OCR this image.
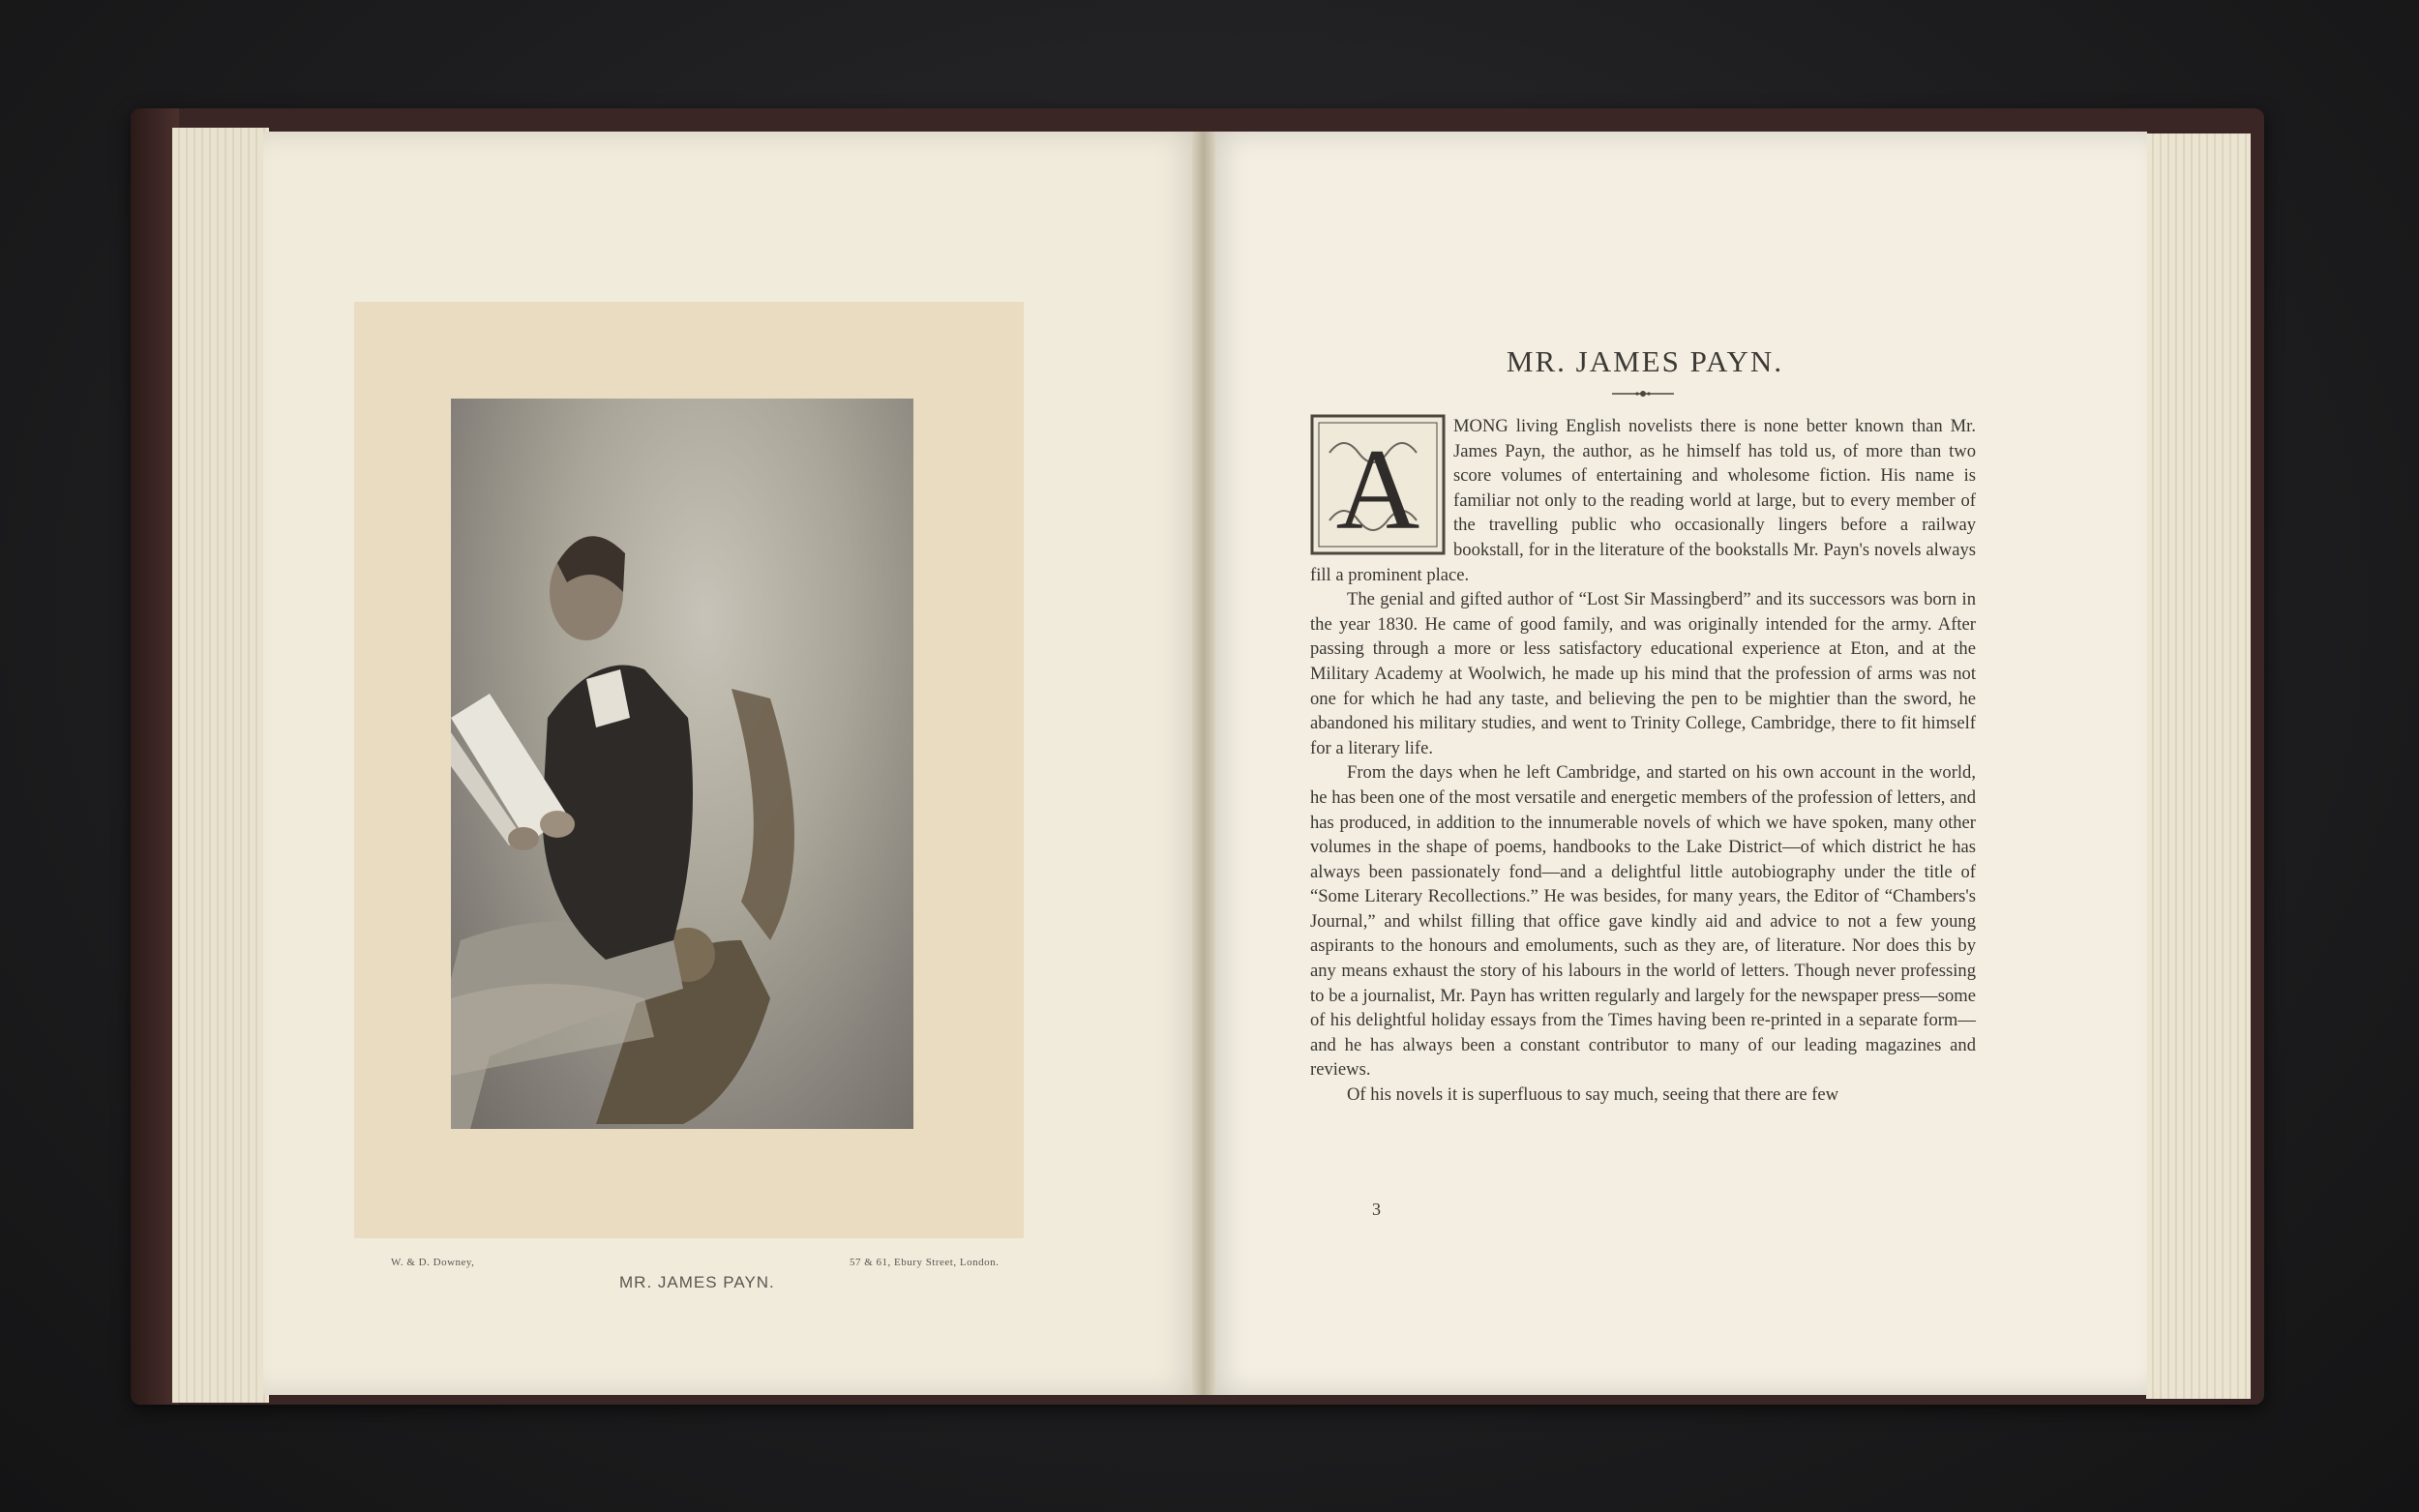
W. & D. Downey,	57 & 61, Ebury Street, London.
MR. JAMES PAYN.
MR. JAMES PAYN.

A MONG living English novelists there is none better known than Mr. James Payn, the author, as he himself has told us, of more than two score volumes of entertaining and wholesome fiction. His name is familiar not only to the reading world at large, but to every member of the travelling public who occasionally lingers before a railway bookstall, for in the literature of the bookstalls Mr. Payn's novels always fill a prominent place.

The genial and gifted author of “Lost Sir Massingberd” and its successors was born in the year 1830. He came of good family, and was originally intended for the army. After passing through a more or less satisfactory educational experience at Eton, and at the Military Academy at Woolwich, he made up his mind that the profession of arms was not one for which he had any taste, and believing the pen to be mightier than the sword, he abandoned his military studies, and went to Trinity College, Cambridge, there to fit himself for a literary life.

From the days when he left Cambridge, and started on his own account in the world, he has been one of the most versatile and energetic members of the profession of letters, and has produced, in addition to the innumerable novels of which we have spoken, many other volumes in the shape of poems, handbooks to the Lake District—of which district he has always been passionately fond—and a delightful little autobiography under the title of “Some Literary Recollections.” He was besides, for many years, the Editor of “Chambers's Journal,” and whilst filling that office gave kindly aid and advice to not a few young aspirants to the honours and emoluments, such as they are, of literature. Nor does this by any means exhaust the story of his labours in the world of letters. Though never professing to be a journalist, Mr. Payn has written regularly and largely for the newspaper press—some of his delightful holiday essays from the Times having been re-printed in a separate form—and he has always been a constant contributor to many of our leading magazines and reviews.

Of his novels it is superfluous to say much, seeing that there are few

3
